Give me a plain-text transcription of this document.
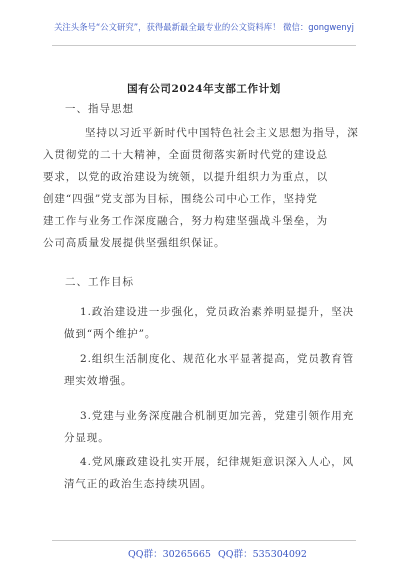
关注头条号“公文研究”，获得最新最全最专业的公文资料库！ 微信：gongwenyj
国有公司2024年支部工作计划
一、指导思想

坚持以习近平新时代中国特色社会主义思想为指导，深
入贯彻党的二十大精神，全面贯彻落实新时代党的建设总
要求，以党的政治建设为统领，以提升组织力为重点，以
创建“四强”党支部为目标，围绕公司中心工作，坚持党
建工作与业务工作深度融合，努力构建坚强战斗堡垒，为
公司高质量发展提供坚强组织保证。

二、工作目标

1.政治建设进一步强化，党员政治素养明显提升，坚决
做到“两个维护”。

2.组织生活制度化、规范化水平显著提高，党员教育管
理实效增强。

3.党建与业务深度融合机制更加完善，党建引领作用充
分显现。

4.党风廉政建设扎实开展，纪律规矩意识深入人心，风
清气正的政治生态持续巩固。

QQ群：30265665 QQ群：535304092
